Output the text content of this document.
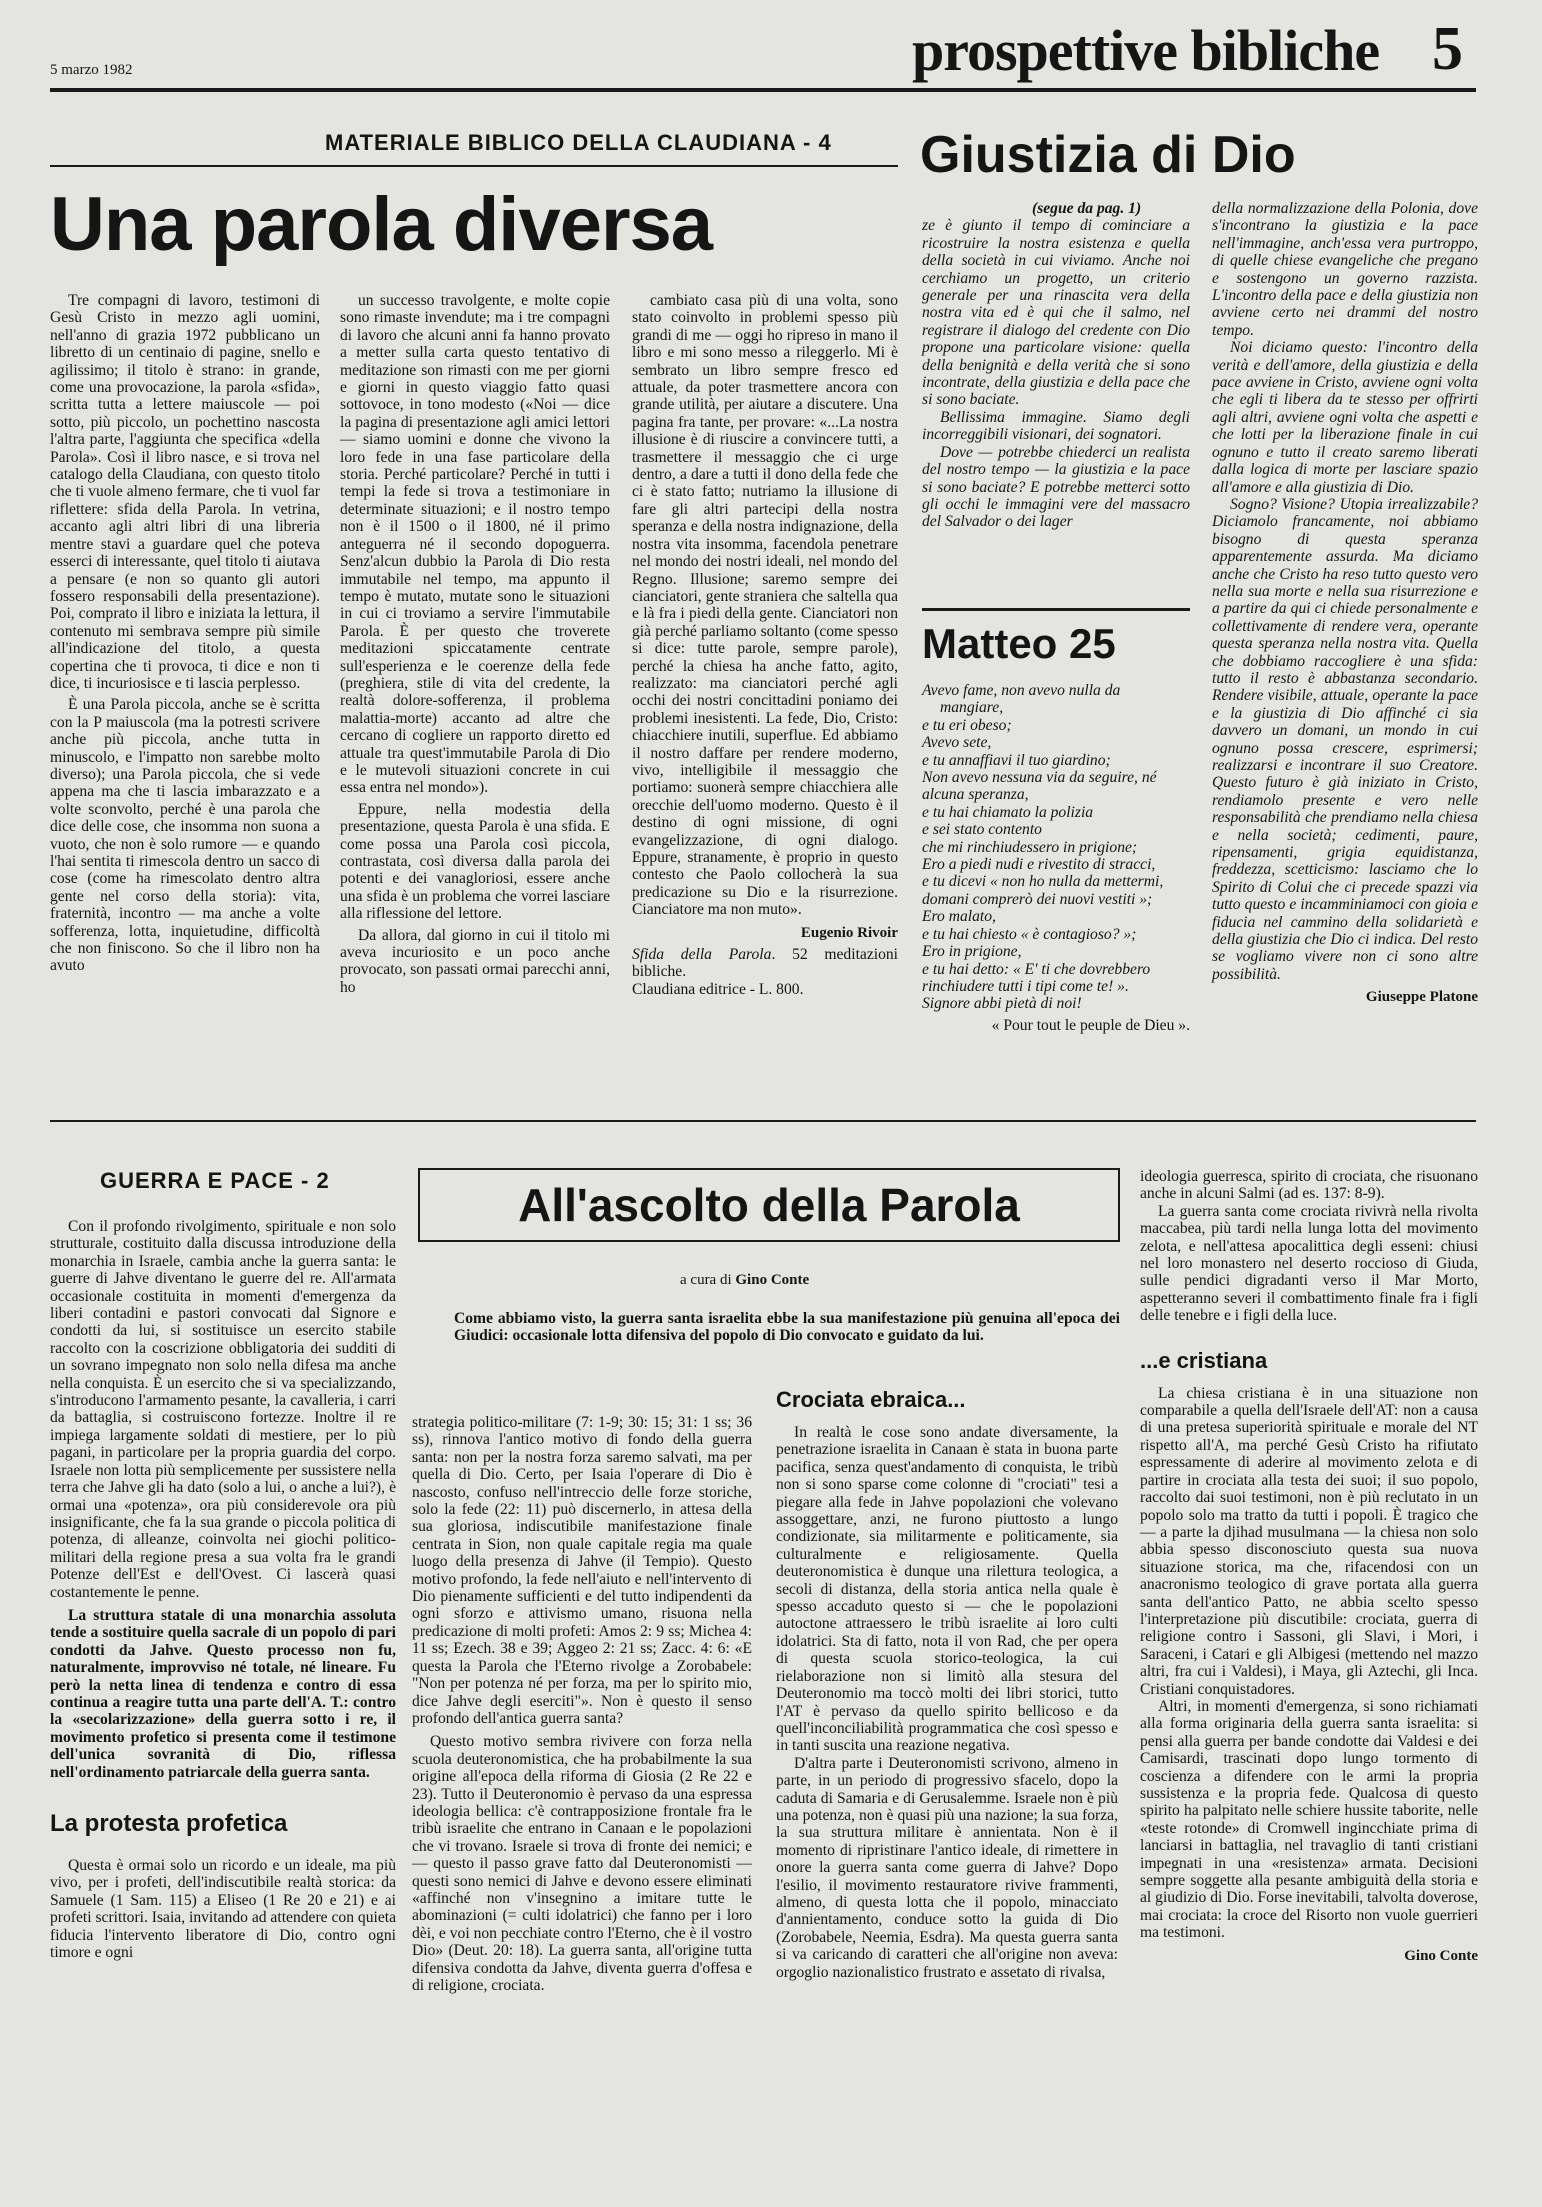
5 marzo 1982	prospettive bibliche 5
MATERIALE BIBLICO DELLA CLAUDIANA - 4
Una parola diversa

Tre compagni di lavoro, testimoni di Gesù Cristo in mezzo agli uomini, nell'anno di grazia 1972 pubblicano un libretto di un centinaio di pagine, snello e agilissimo; il titolo è strano: in grande, come una provocazione, la parola «sfida», scritta tutta a lettere maiuscole — poi sotto, più piccolo, un pochettino nascosta l'altra parte, l'aggiunta che specifica «della Parola». Così il libro nasce, e si trova nel catalogo della Claudiana, con questo titolo che ti vuole almeno fermare, che ti vuol far riflettere: sfida della Parola. In vetrina, accanto agli altri libri di una libreria mentre stavi a guardare quel che poteva esserci di interessante, quel titolo ti aiutava a pensare (e non so quanto gli autori fossero responsabili della presentazione). Poi, comprato il libro e iniziata la lettura, il contenuto mi sembrava sempre più simile all'indicazione del titolo, a questa copertina che ti provoca, ti dice e non ti dice, ti incuriosisce e ti lascia perplesso.

È una Parola piccola, anche se è scritta con la P maiuscola (ma la potresti scrivere anche più piccola, anche tutta in minuscolo, e l'impatto non sarebbe molto diverso); una Parola piccola, che si vede appena ma che ti lascia imbarazzato e a volte sconvolto, perché è una parola che dice delle cose, che insomma non suona a vuoto, che non è solo rumore — e quando l'hai sentita ti rimescola dentro un sacco di cose (come ha rimescolato dentro altra gente nel corso della storia): vita, fraternità, incontro — ma anche a volte sofferenza, lotta, inquietudine, difficoltà che non finiscono. So che il libro non ha avuto

un successo travolgente, e molte copie sono rimaste invendute; ma i tre compagni di lavoro che alcuni anni fa hanno provato a metter sulla carta questo tentativo di meditazione son rimasti con me per giorni e giorni in questo viaggio fatto quasi sottovoce, in tono modesto («Noi — dice la pagina di presentazione agli amici lettori — siamo uomini e donne che vivono la loro fede in una fase particolare della storia. Perché particolare? Perché in tutti i tempi la fede si trova a testimoniare in determinate situazioni; e il nostro tempo non è il 1500 o il 1800, né il primo anteguerra né il secondo dopoguerra. Senz'alcun dubbio la Parola di Dio resta immutabile nel tempo, ma appunto il tempo è mutato, mutate sono le situazioni in cui ci troviamo a servire l'immutabile Parola. È per questo che troverete meditazioni spiccatamente centrate sull'esperienza e le coerenze della fede (preghiera, stile di vita del credente, la realtà dolore-sofferenza, il problema malattia-morte) accanto ad altre che cercano di cogliere un rapporto diretto ed attuale tra quest'immutabile Parola di Dio e le mutevoli situazioni concrete in cui essa entra nel mondo»).

Eppure, nella modestia della presentazione, questa Parola è una sfida. E come possa una Parola così piccola, contrastata, così diversa dalla parola dei potenti e dei vanagloriosi, essere anche una sfida è un problema che vorrei lasciare alla riflessione del lettore.

Da allora, dal giorno in cui il titolo mi aveva incuriosito e un poco anche provocato, son passati ormai parecchi anni, ho

cambiato casa più di una volta, sono stato coinvolto in problemi spesso più grandi di me — oggi ho ripreso in mano il libro e mi sono messo a rileggerlo. Mi è sembrato un libro sempre fresco ed attuale, da poter trasmettere ancora con grande utilità, per aiutare a discutere. Una pagina fra tante, per provare: «...La nostra illusione è di riuscire a convincere tutti, a trasmettere il messaggio che ci urge dentro, a dare a tutti il dono della fede che ci è stato fatto; nutriamo la illusione di fare gli altri partecipi della nostra speranza e della nostra indignazione, della nostra vita insomma, facendola penetrare nel mondo dei nostri ideali, nel mondo del Regno. Illusione; saremo sempre dei cianciatori, gente straniera che saltella qua e là fra i piedi della gente. Cianciatori non già perché parliamo soltanto (come spesso si dice: tutte parole, sempre parole), perché la chiesa ha anche fatto, agito, realizzato: ma cianciatori perché agli occhi dei nostri concittadini poniamo dei problemi inesistenti. La fede, Dio, Cristo: chiacchiere inutili, superflue. Ed abbiamo il nostro daffare per rendere moderno, vivo, intelligibile il messaggio che portiamo: suonerà sempre chiacchiera alle orecchie dell'uomo moderno. Questo è il destino di ogni missione, di ogni evangelizzazione, di ogni dialogo. Eppure, stranamente, è proprio in questo contesto che Paolo collocherà la sua predicazione su Dio e la risurrezione. Cianciatore ma non muto».

Eugenio Rivoir
Sfida della Parola. 52 meditazioni bibliche.
Claudiana editrice - L. 800.
Giustizia di Dio
(segue da pag. 1)

ze è giunto il tempo di cominciare a ricostruire la nostra esistenza e quella della società in cui viviamo. Anche noi cerchiamo un progetto, un criterio generale per una rinascita vera della nostra vita ed è qui che il salmo, nel registrare il dialogo del credente con Dio propone una particolare visione: quella della benignità e della verità che si sono incontrate, della giustizia e della pace che si sono baciate.

Bellissima immagine. Siamo degli incorreggibili visionari, dei sognatori.

Dove — potrebbe chiederci un realista del nostro tempo — la giustizia e la pace si sono baciate? E potrebbe metterci sotto gli occhi le immagini vere del massacro del Salvador o dei lager

della normalizzazione della Polonia, dove s'incontrano la giustizia e la pace nell'immagine, anch'essa vera purtroppo, di quelle chiese evangeliche che pregano e sostengono un governo razzista. L'incontro della pace e della giustizia non avviene certo nei drammi del nostro tempo.

Noi diciamo questo: l'incontro della verità e dell'amore, della giustizia e della pace avviene in Cristo, avviene ogni volta che egli ti libera da te stesso per offrirti agli altri, avviene ogni volta che aspetti e che lotti per la liberazione finale in cui ognuno e tutto il creato saremo liberati dalla logica di morte per lasciare spazio all'amore e alla giustizia di Dio.

Sogno? Visione? Utopia irrealizzabile? Diciamolo francamente, noi abbiamo bisogno di questa speranza apparentemente assurda. Ma diciamo anche che Cristo ha reso tutto questo vero nella sua morte e nella sua risurrezione e a partire da qui ci chiede personalmente e collettivamente di rendere vera, operante questa speranza nella nostra vita. Quella che dobbiamo raccogliere è una sfida: tutto il resto è abbastanza secondario. Rendere visibile, attuale, operante la pace e la giustizia di Dio affinché ci sia davvero un domani, un mondo in cui ognuno possa crescere, esprimersi; realizzarsi e incontrare il suo Creatore. Questo futuro è già iniziato in Cristo, rendiamolo presente e vero nelle responsabilità che prendiamo nella chiesa e nella società; cedimenti, paure, ripensamenti, grigia equidistanza, freddezza, scetticismo: lasciamo che lo Spirito di Colui che ci precede spazzi via tutto questo e incamminiamoci con gioia e fiducia nel cammino della solidarietà e della giustizia che Dio ci indica. Del resto se vogliamo vivere non ci sono altre possibilità.

Giuseppe Platone
Matteo 25
Avevo fame, non avevo nulla da
mangiare,
e tu eri obeso;
Avevo sete,
e tu annaffiavi il tuo giardino;
Non avevo nessuna via da seguire, né alcuna speranza,
e tu hai chiamato la polizia
e sei stato contento
che mi rinchiudessero in prigione;
Ero a piedi nudi e rivestito di stracci,
e tu dicevi « non ho nulla da mettermi,
domani comprerò dei nuovi vestiti »;
Ero malato,
e tu hai chiesto « è contagioso? »;
Ero in prigione,
e tu hai detto: « E' ti che dovrebbero rinchiudere tutti i tipi come te! ».
Signore abbi pietà di noi!
« Pour tout le peuple de Dieu ».
GUERRA E PACE - 2	All'ascolto della Parola
a cura di Gino Conte
Come abbiamo visto, la guerra santa israelita ebbe la sua manifestazione più genuina all'epoca dei Giudici: occasionale lotta difensiva del popolo di Dio convocato e guidato da lui.

Con il profondo rivolgimento, spirituale e non solo strutturale, costituito dalla discussa introduzione della monarchia in Israele, cambia anche la guerra santa: le guerre di Jahve diventano le guerre del re. All'armata occasionale costituita in momenti d'emergenza da liberi contadini e pastori convocati dal Signore e condotti da lui, si sostituisce un esercito stabile raccolto con la coscrizione obbligatoria dei sudditi di un sovrano impegnato non solo nella difesa ma anche nella conquista. È un esercito che si va specializzando, s'introducono l'armamento pesante, la cavalleria, i carri da battaglia, si costruiscono fortezze. Inoltre il re impiega largamente soldati di mestiere, per lo più pagani, in particolare per la propria guardia del corpo. Israele non lotta più semplicemente per sussistere nella terra che Jahve gli ha dato (solo a lui, o anche a lui?), è ormai una «potenza», ora più considerevole ora più insignificante, che fa la sua grande o piccola politica di potenza, di alleanze, coinvolta nei giochi politico-militari della regione presa a sua volta fra le grandi Potenze dell'Est e dell'Ovest. Ci lascerà quasi costantemente le penne.

La struttura statale di una monarchia assoluta tende a sostituire quella sacrale di un popolo di pari condotti da Jahve. Questo processo non fu, naturalmente, improvviso né totale, né lineare. Fu però la netta linea di tendenza e contro di essa continua a reagire tutta una parte dell'A. T.: contro la «secolarizzazione» della guerra sotto i re, il movimento profetico si presenta come il testimone dell'unica sovranità di Dio, riflessa nell'ordinamento patriarcale della guerra santa.

La protesta profetica

Questa è ormai solo un ricordo e un ideale, ma più vivo, per i profeti, dell'indiscutibile realtà storica: da Samuele (1 Sam. 115) a Eliseo (1 Re 20 e 21) e ai profeti scrittori. Isaia, invitando ad attendere con quieta fiducia l'intervento liberatore di Dio, contro ogni timore e ogni

strategia politico-militare (7: 1-9; 30: 15; 31: 1 ss; 36 ss), rinnova l'antico motivo di fondo della guerra santa: non per la nostra forza saremo salvati, ma per quella di Dio. Certo, per Isaia l'operare di Dio è nascosto, confuso nell'intreccio delle forze storiche, solo la fede (22: 11) può discernerlo, in attesa della sua gloriosa, indiscutibile manifestazione finale centrata in Sion, non quale capitale regia ma quale luogo della presenza di Jahve (il Tempio). Questo motivo profondo, la fede nell'aiuto e nell'intervento di Dio pienamente sufficienti e del tutto indipendenti da ogni sforzo e attivismo umano, risuona nella predicazione di molti profeti: Amos 2: 9 ss; Michea 4: 11 ss; Ezech. 38 e 39; Aggeo 2: 21 ss; Zacc. 4: 6: «E questa la Parola che l'Eterno rivolge a Zorobabele: "Non per potenza né per forza, ma per lo spirito mio, dice Jahve degli eserciti"». Non è questo il senso profondo dell'antica guerra santa?

Questo motivo sembra rivivere con forza nella scuola deuteronomistica, che ha probabilmente la sua origine all'epoca della riforma di Giosia (2 Re 22 e 23). Tutto il Deuteronomio è pervaso da una espressa ideologia bellica: c'è contrapposizione frontale fra le tribù israelite che entrano in Canaan e le popolazioni che vi trovano. Israele si trova di fronte dei nemici; e — questo il passo grave fatto dal Deuteronomisti — questi sono nemici di Jahve e devono essere eliminati «affinché non v'insegnino a imitare tutte le abominazioni (= culti idolatrici) che fanno per i loro dèi, e voi non pecchiate contro l'Eterno, che è il vostro Dio» (Deut. 20: 18). La guerra santa, all'origine tutta difensiva condotta da Jahve, diventa guerra d'offesa e di religione, crociata.

Crociata ebraica...

In realtà le cose sono andate diversamente, la penetrazione israelita in Canaan è stata in buona parte pacifica, senza quest'andamento di conquista, le tribù non si sono sparse come colonne di "crociati" tesi a piegare alla fede in Jahve popolazioni che volevano assoggettare, anzi, ne furono piuttosto a lungo condizionate, sia militarmente e politicamente, sia culturalmente e religiosamente. Quella deuteronomistica è dunque una rilettura teologica, a secoli di distanza, della storia antica nella quale è spesso accaduto questo si — che le popolazioni autoctone attraessero le tribù israelite ai loro culti idolatrici. Sta di fatto, nota il von Rad, che per opera di questa scuola storico-teologica, la cui rielaborazione non si limitò alla stesura del Deuteronomio ma toccò molti dei libri storici, tutto l'AT è pervaso da quello spirito bellicoso e da quell'inconciliabilità programmatica che così spesso e in tanti suscita una reazione negativa.

D'altra parte i Deuteronomisti scrivono, almeno in parte, in un periodo di progressivo sfacelo, dopo la caduta di Samaria e di Gerusalemme. Israele non è più una potenza, non è quasi più una nazione; la sua forza, la sua struttura militare è annientata. Non è il momento di ripristinare l'antico ideale, di rimettere in onore la guerra santa come guerra di Jahve? Dopo l'esilio, il movimento restauratore rivive frammenti, almeno, di questa lotta che il popolo, minacciato d'annientamento, conduce sotto la guida di Dio (Zorobabele, Neemia, Esdra). Ma questa guerra santa si va caricando di caratteri che all'origine non aveva: orgoglio nazionalistico frustrato e assetato di rivalsa,

ideologia guerresca, spirito di crociata, che risuonano anche in alcuni Salmi (ad es. 137: 8-9).

La guerra santa come crociata rivivrà nella rivolta maccabea, più tardi nella lunga lotta del movimento zelota, e nell'attesa apocalittica degli esseni: chiusi nel loro monastero nel deserto roccioso di Giuda, sulle pendici digradanti verso il Mar Morto, aspetteranno severi il combattimento finale fra i figli delle tenebre e i figli della luce.

...e cristiana

La chiesa cristiana è in una situazione non comparabile a quella dell'Israele dell'AT: non a causa di una pretesa superiorità spirituale e morale del NT rispetto all'A, ma perché Gesù Cristo ha rifiutato espressamente di aderire al movimento zelota e di partire in crociata alla testa dei suoi; il suo popolo, raccolto dai suoi testimoni, non è più reclutato in un popolo solo ma tratto da tutti i popoli. È tragico che — a parte la djihad musulmana — la chiesa non solo abbia spesso disconosciuto questa sua nuova situazione storica, ma che, rifacendosi con un anacronismo teologico di grave portata alla guerra santa dell'antico Patto, ne abbia scelto spesso l'interpretazione più discutibile: crociata, guerra di religione contro i Sassoni, gli Slavi, i Mori, i Saraceni, i Catari e gli Albigesi (mettendo nel mazzo altri, fra cui i Valdesi), i Maya, gli Aztechi, gli Inca. Cristiani conquistadores.

Altri, in momenti d'emergenza, si sono richiamati alla forma originaria della guerra santa israelita: si pensi alla guerra per bande condotte dai Valdesi e dei Camisardi, trascinati dopo lungo tormento di coscienza a difendere con le armi la propria sussistenza e la propria fede. Qualcosa di questo spirito ha palpitato nelle schiere hussite taborite, nelle «teste rotonde» di Cromwell ingincchiate prima di lanciarsi in battaglia, nel travaglio di tanti cristiani impegnati in una «resistenza» armata. Decisioni sempre soggette alla pesante ambiguità della storia e al giudizio di Dio. Forse inevitabili, talvolta doverose, mai crociata: la croce del Risorto non vuole guerrieri ma testimoni.

Gino Conte
